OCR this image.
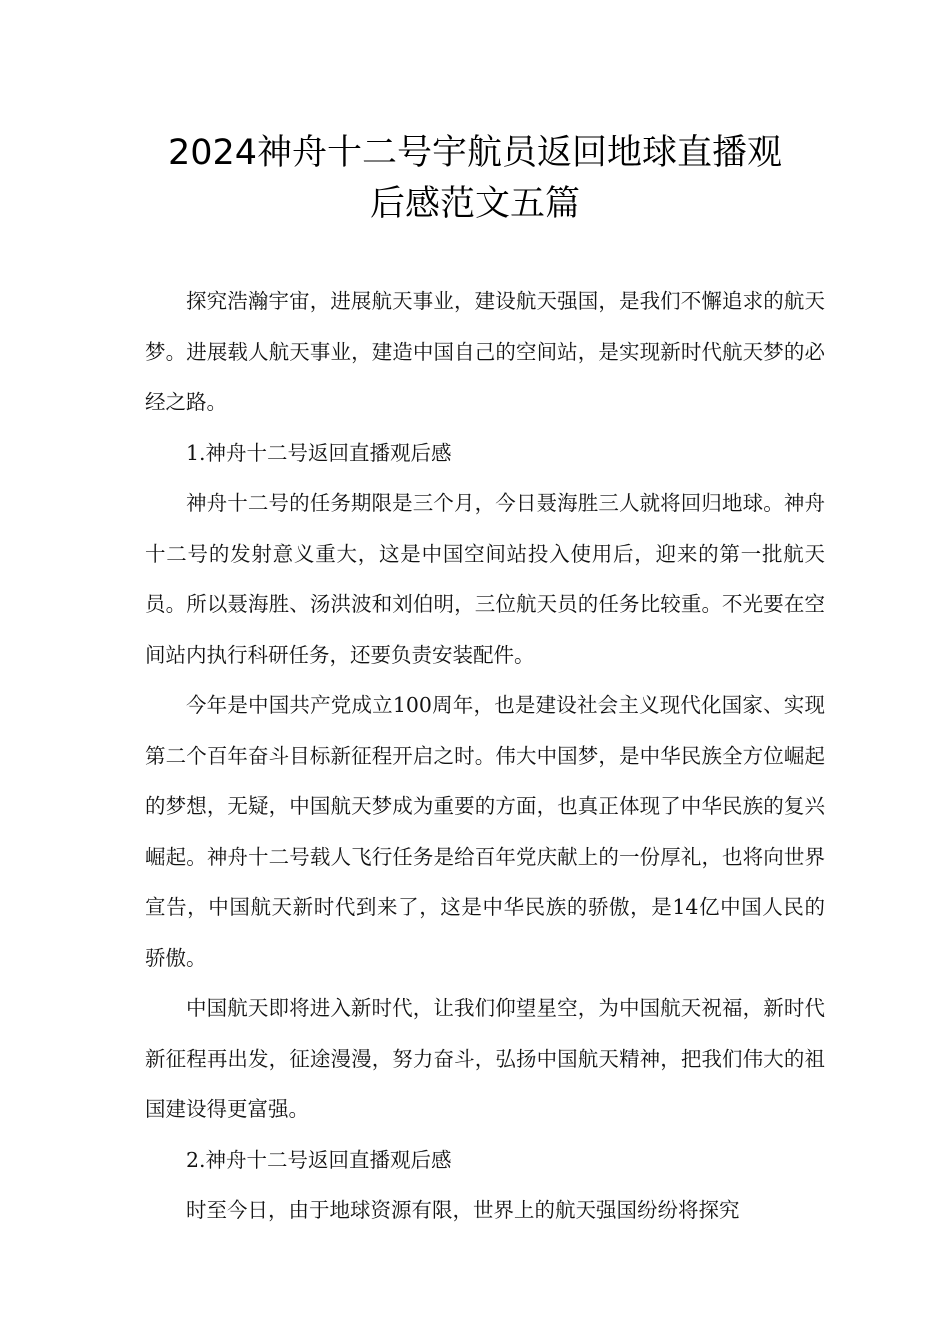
2024神舟十二号宇航员返回地球直播观
后感范文五篇

探究浩瀚宇宙，进展航天事业，建设航天强国，是我们不懈追求的航天梦。进展载人航天事业，建造中国自己的空间站，是实现新时代航天梦的必经之路。

1.神舟十二号返回直播观后感

神舟十二号的任务期限是三个月，今日聂海胜三人就将回归地球。神舟十二号的发射意义重大，这是中国空间站投入使用后，迎来的第一批航天员。所以聂海胜、汤洪波和刘伯明，三位航天员的任务比较重。不光要在空间站内执行科研任务，还要负责安装配件。

今年是中国共产党成立100周年，也是建设社会主义现代化国家、实现第二个百年奋斗目标新征程开启之时。伟大中国梦，是中华民族全方位崛起的梦想，无疑，中国航天梦成为重要的方面，也真正体现了中华民族的复兴崛起。神舟十二号载人飞行任务是给百年党庆献上的一份厚礼，也将向世界宣告，中国航天新时代到来了，这是中华民族的骄傲，是14亿中国人民的骄傲。

中国航天即将进入新时代，让我们仰望星空，为中国航天祝福，新时代新征程再出发，征途漫漫，努力奋斗，弘扬中国航天精神，把我们伟大的祖国建设得更富强。

2.神舟十二号返回直播观后感

时至今日，由于地球资源有限，世界上的航天强国纷纷将探究
